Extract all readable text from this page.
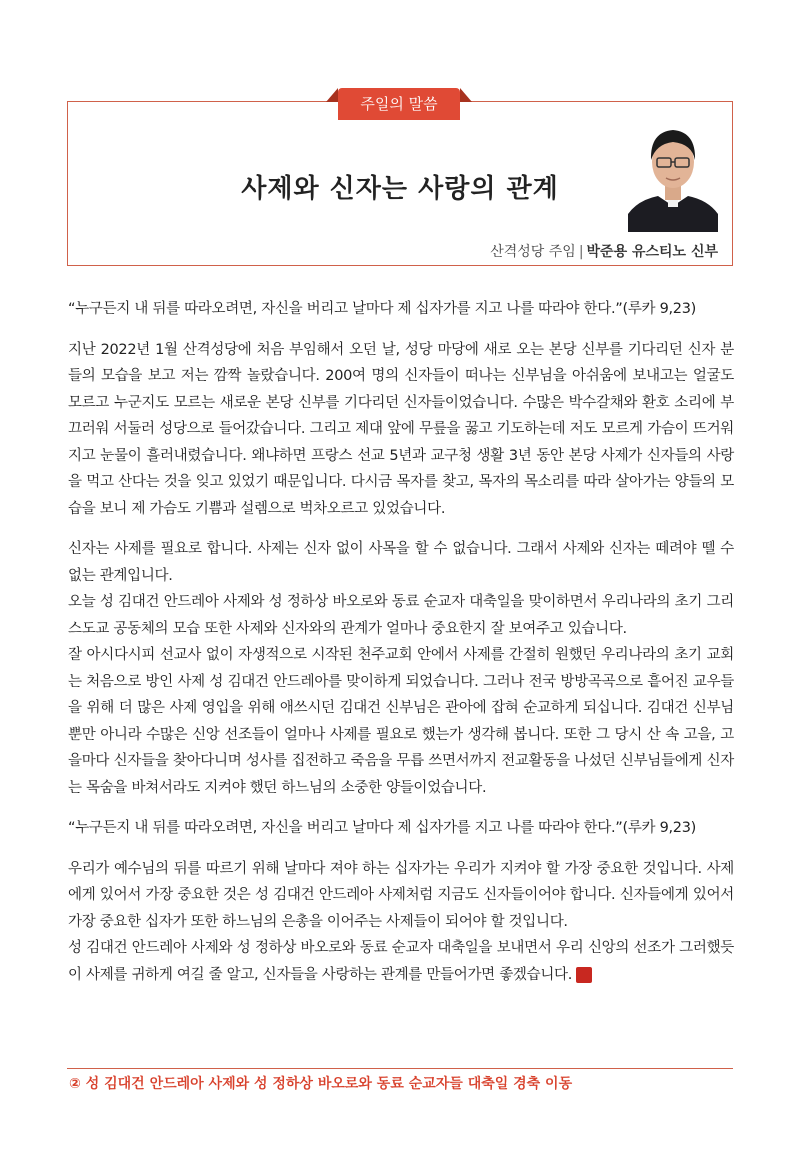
주일의 말씀
사제와 신자는 사랑의 관계
산격성당 주임 | 박준용 유스티노 신부

“누구든지 내 뒤를 따라오려면, 자신을 버리고 날마다 제 십자가를 지고 나를 따라야 한다.”(루카 9,23)

지난 2022년 1월 산격성당에 처음 부임해서 오던 날, 성당 마당에 새로 오는 본당 신부를 기다리던 신자 분들의 모습을 보고 저는 깜짝 놀랐습니다. 200여 명의 신자들이 떠나는 신부님을 아쉬움에 보내고는 얼굴도 모르고 누군지도 모르는 새로운 본당 신부를 기다리던 신자들이었습니다. 수많은 박수갈채와 환호 소리에 부끄러워 서둘러 성당으로 들어갔습니다. 그리고 제대 앞에 무릎을 꿇고 기도하는데 저도 모르게 가슴이 뜨거워지고 눈물이 흘러내렸습니다. 왜냐하면 프랑스 선교 5년과 교구청 생활 3년 동안 본당 사제가 신자들의 사랑을 먹고 산다는 것을 잊고 있었기 때문입니다. 다시금 목자를 찾고, 목자의 목소리를 따라 살아가는 양들의 모습을 보니 제 가슴도 기쁨과 설렘으로 벅차오르고 있었습니다.

신자는 사제를 필요로 합니다. 사제는 신자 없이 사목을 할 수 없습니다. 그래서 사제와 신자는 떼려야 뗄 수 없는 관계입니다.

오늘 성 김대건 안드레아 사제와 성 정하상 바오로와 동료 순교자 대축일을 맞이하면서 우리나라의 초기 그리스도교 공동체의 모습 또한 사제와 신자와의 관계가 얼마나 중요한지 잘 보여주고 있습니다.

잘 아시다시피 선교사 없이 자생적으로 시작된 천주교회 안에서 사제를 간절히 원했던 우리나라의 초기 교회는 처음으로 방인 사제 성 김대건 안드레아를 맞이하게 되었습니다. 그러나 전국 방방곡곡으로 흩어진 교우들을 위해 더 많은 사제 영입을 위해 애쓰시던 김대건 신부님은 관아에 잡혀 순교하게 되십니다. 김대건 신부님뿐만 아니라 수많은 신앙 선조들이 얼마나 사제를 필요로 했는가 생각해 봅니다. 또한 그 당시 산 속 고을, 고을마다 신자들을 찾아다니며 성사를 집전하고 죽음을 무릅 쓰면서까지 전교활동을 나섰던 신부님들에게 신자는 목숨을 바쳐서라도 지켜야 했던 하느님의 소중한 양들이었습니다.

“누구든지 내 뒤를 따라오려면, 자신을 버리고 날마다 제 십자가를 지고 나를 따라야 한다.”(루카 9,23)

우리가 예수님의 뒤를 따르기 위해 날마다 져야 하는 십자가는 우리가 지켜야 할 가장 중요한 것입니다. 사제에게 있어서 가장 중요한 것은 성 김대건 안드레아 사제처럼 지금도 신자들이어야 합니다. 신자들에게 있어서 가장 중요한 십자가 또한 하느님의 은총을 이어주는 사제들이 되어야 할 것입니다.

성 김대건 안드레아 사제와 성 정하상 바오로와 동료 순교자 대축일을 보내면서 우리 신앙의 선조가 그러했듯이 사제를 귀하게 여길 줄 알고, 신자들을 사랑하는 관계를 만들어가면 좋겠습니다.

② 성 김대건 안드레아 사제와 성 정하상 바오로와 동료 순교자들 대축일 경축 이동
